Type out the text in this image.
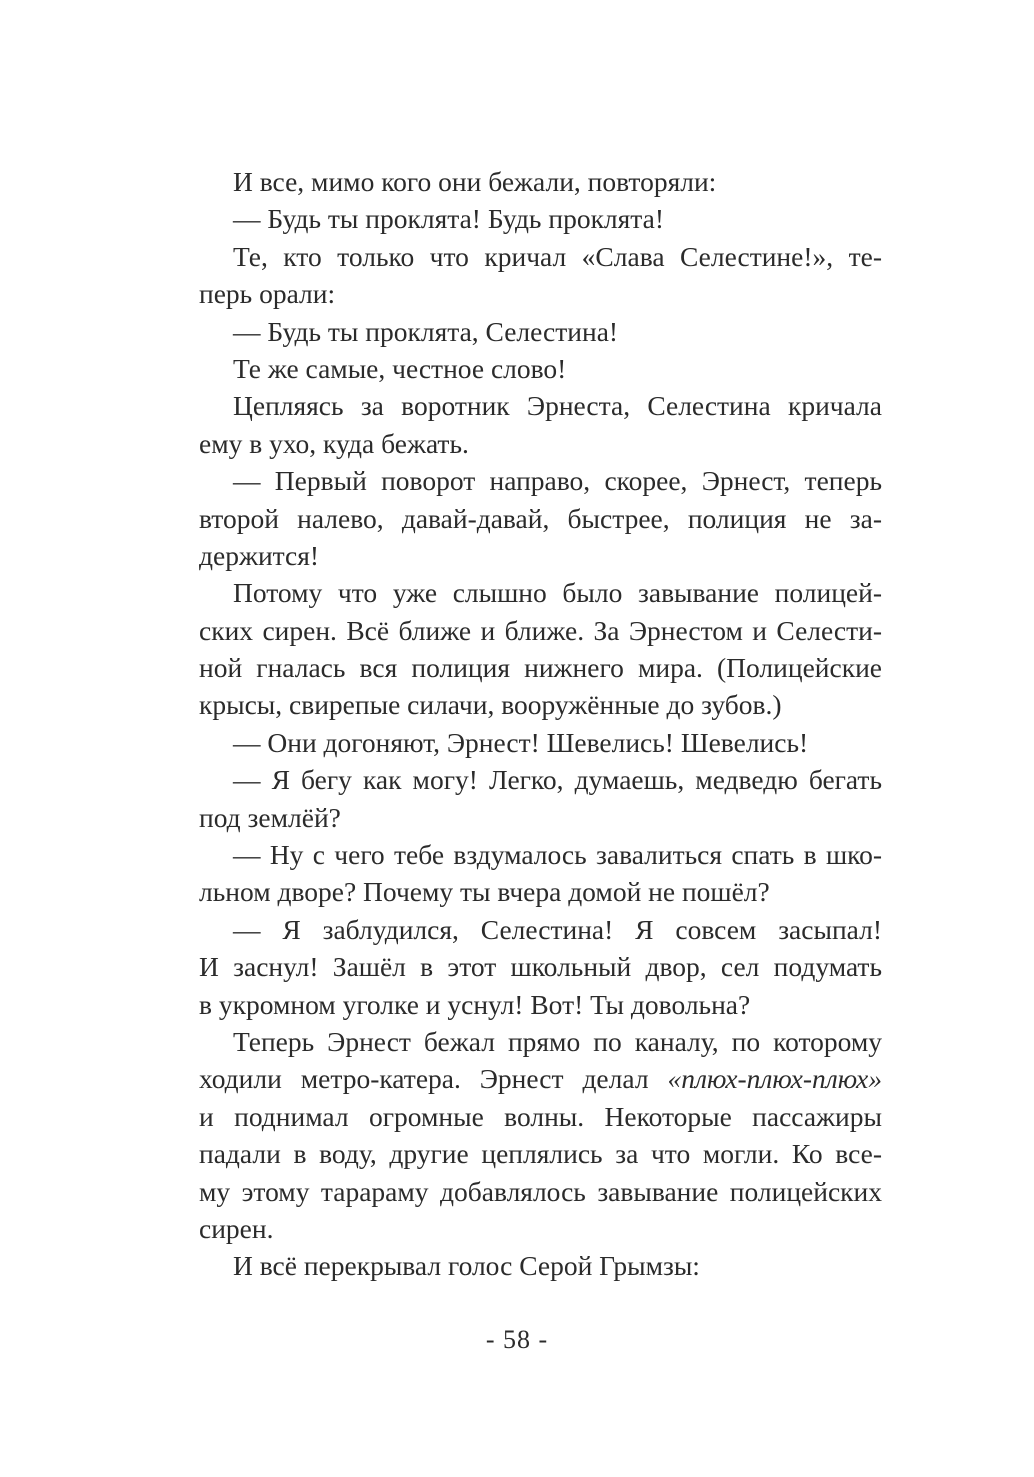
И все, мимо кого они бежали, повторяли:
— Будь ты проклята! Будь проклята!
Те, кто только что кричал «Слава Селестине!», те-
перь орали:
— Будь ты проклята, Селестина!
Те же самые, честное слово!
Цепляясь за воротник Эрнеста, Селестина кричала
ему в ухо, куда бежать.
— Первый поворот направо, скорее, Эрнест, теперь
второй налево, давай-давай, быстрее, полиция не за-
держится!
Потому что уже слышно было завывание полицей-
ских сирен. Всё ближе и ближе. За Эрнестом и Селести-
ной гналась вся полиция нижнего мира. (Полицейские
крысы, свирепые силачи, вооружённые до зубов.)
— Они догоняют, Эрнест! Шевелись! Шевелись!
— Я бегу как могу! Легко, думаешь, медведю бегать
под землёй?
— Ну с чего тебе вздумалось завалиться спать в шко-
льном дворе? Почему ты вчера домой не пошёл?
— Я заблудился, Селестина! Я совсем засыпал!
И заснул! Зашёл в этот школьный двор, сел подумать
в укромном уголке и уснул! Вот! Ты довольна?
Теперь Эрнест бежал прямо по каналу, по которому
ходили метро-катера. Эрнест делал «плюх-плюх-плюх»
и поднимал огромные волны. Некоторые пассажиры
падали в воду, другие цеплялись за что могли. Ко все-
му этому тарараму добавлялось завывание полицейских
сирен.
И всё перекрывал голос Серой Грымзы:
- 58 -
